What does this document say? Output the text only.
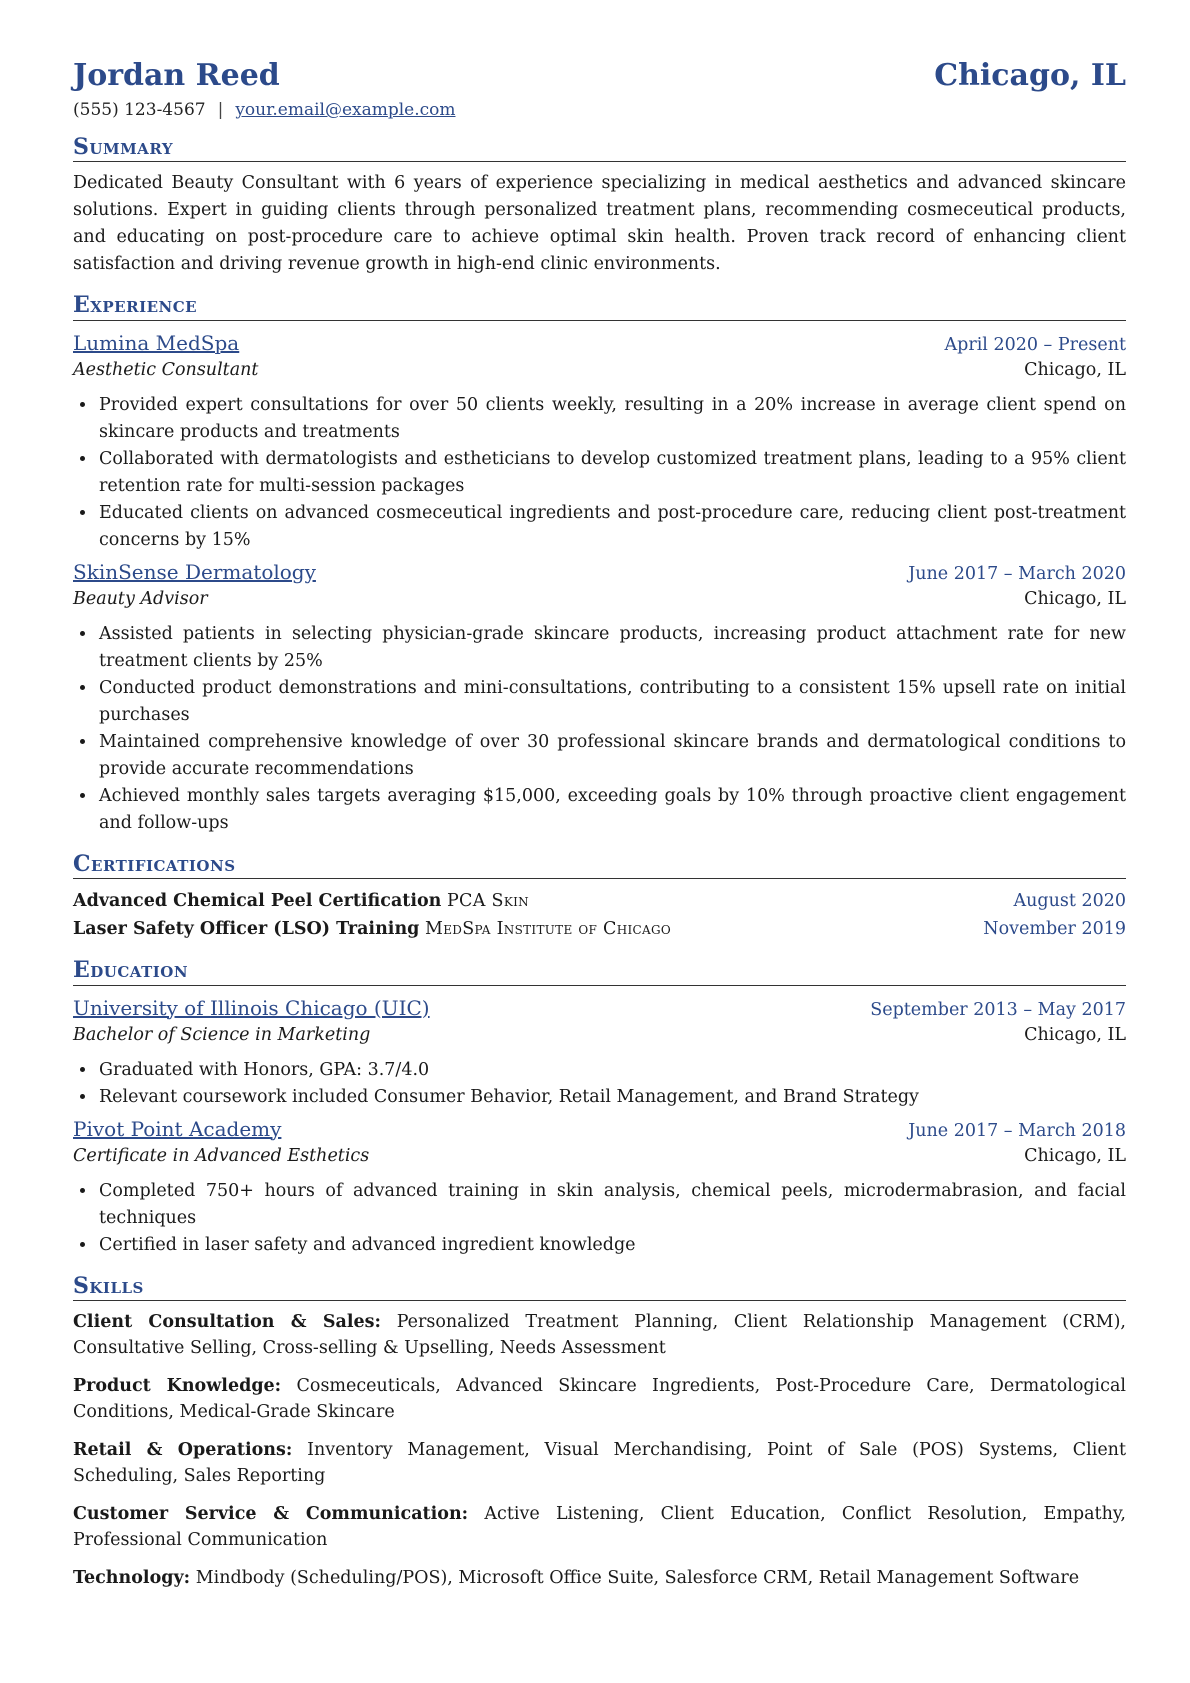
Jordan Reed	Chicago, IL
(555) 123-4567 | your.email@example.com
Summary

Dedicated Beauty Consultant with 6 years of experience specializing in medical aesthetics and advanced skincare solutions. Expert in guiding clients through personalized treatment plans, recommending cosmeceutical products, and educating on post-procedure care to achieve optimal skin health. Proven track record of enhancing client satisfaction and driving revenue growth in high-end clinic environments.

Experience
Lumina MedSpa	April 2020 – Present
Aesthetic Consultant	Chicago, IL
• Provided expert consultations for over 50 clients weekly, resulting in a 20% increase in average client spend on skincare products and treatments
• Collaborated with dermatologists and estheticians to develop customized treatment plans, leading to a 95% client retention rate for multi-session packages
• Educated clients on advanced cosmeceutical ingredients and post-procedure care, reducing client post-treatment concerns by 15%
SkinSense Dermatology	June 2017 – March 2020
Beauty Advisor	Chicago, IL
• Assisted patients in selecting physician-grade skincare products, increasing product attachment rate for new treatment clients by 25%
• Conducted product demonstrations and mini-consultations, contributing to a consistent 15% upsell rate on initial purchases
• Maintained comprehensive knowledge of over 30 professional skincare brands and dermatological conditions to provide accurate recommendations
• Achieved monthly sales targets averaging $15,000, exceeding goals by 10% through proactive client engagement and follow-ups
Certifications
Advanced Chemical Peel Certification PCA Skin	August 2020
Laser Safety Officer (LSO) Training MedSpa Institute of Chicago	November 2019
Education
University of Illinois Chicago (UIC)	September 2013 – May 2017
Bachelor of Science in Marketing	Chicago, IL
• Graduated with Honors, GPA: 3.7/4.0
• Relevant coursework included Consumer Behavior, Retail Management, and Brand Strategy
Pivot Point Academy	June 2017 – March 2018
Certificate in Advanced Esthetics	Chicago, IL
• Completed 750+ hours of advanced training in skin analysis, chemical peels, microdermabrasion, and facial techniques
• Certified in laser safety and advanced ingredient knowledge
Skills

Client Consultation & Sales: Personalized Treatment Planning, Client Relationship Management (CRM), Consultative Selling, Cross-selling & Upselling, Needs Assessment

Product Knowledge: Cosmeceuticals, Advanced Skincare Ingredients, Post-Procedure Care, Dermatological Conditions, Medical-Grade Skincare

Retail & Operations: Inventory Management, Visual Merchandising, Point of Sale (POS) Systems, Client Scheduling, Sales Reporting

Customer Service & Communication: Active Listening, Client Education, Conflict Resolution, Empathy, Professional Communication

Technology: Mindbody (Scheduling/POS), Microsoft Office Suite, Salesforce CRM, Retail Management Software
